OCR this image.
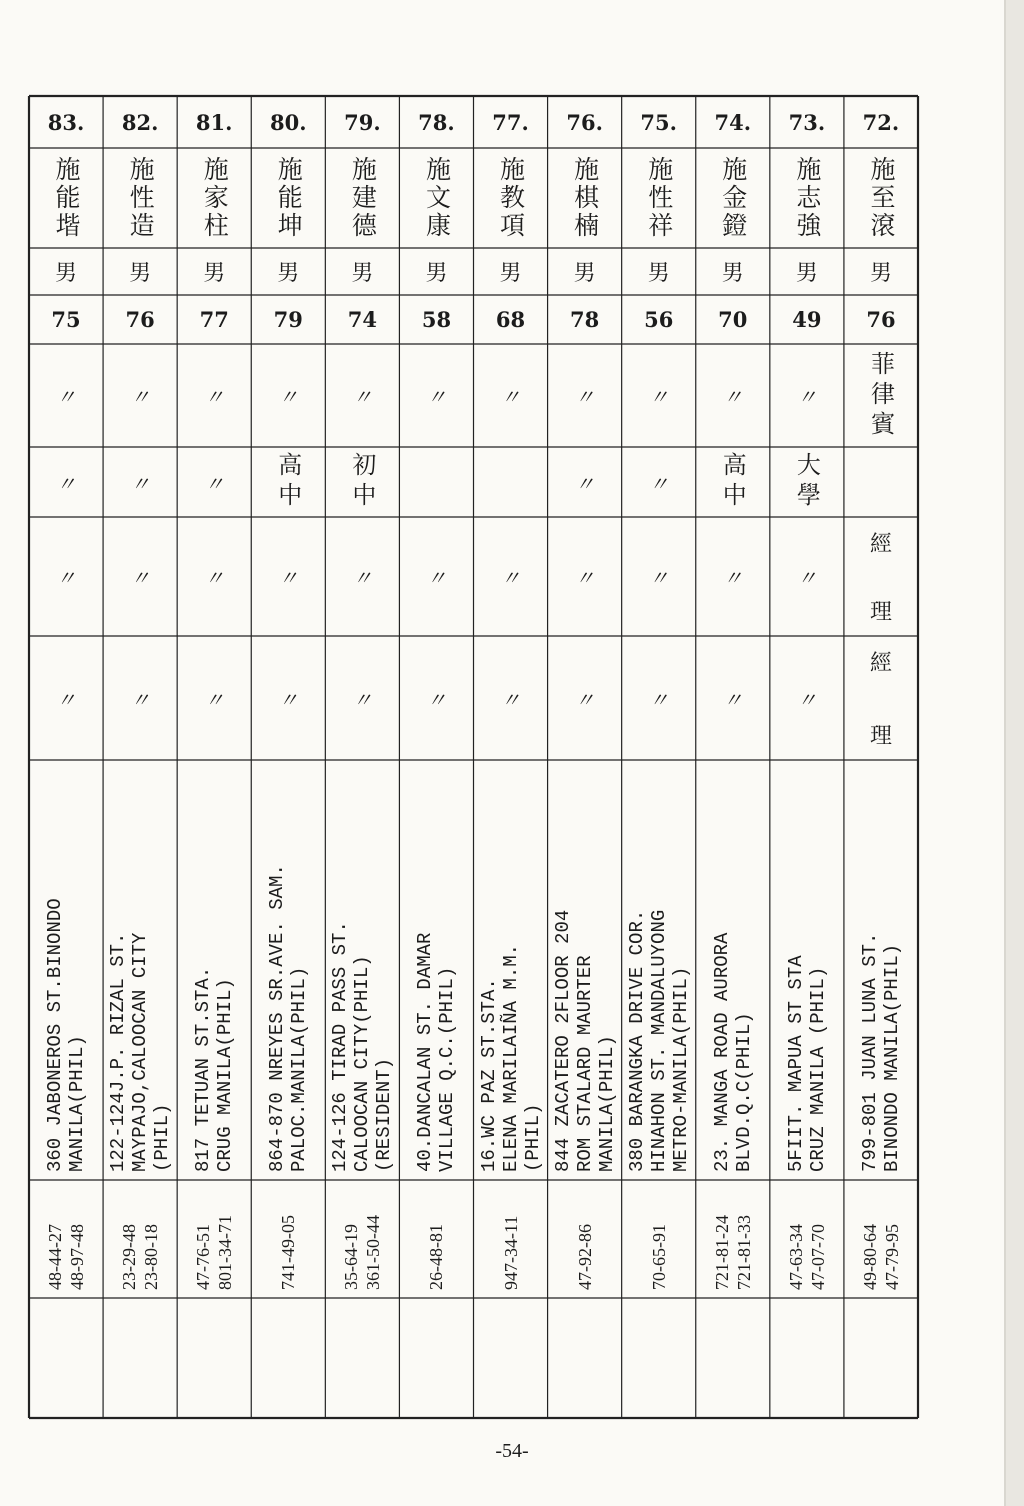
72.
施至滾
男
76
菲律賓
經
理
經
理
799-801 JUAN LUNA ST.
BINONDO MANILA(PHIL)
49-80-64
47-79-95
73.
施志強
男
49
〃
大學
〃
〃
5FIIT. MAPUA ST STA
CRUZ MANILA (PHIL)
47-63-34
47-07-70
74.
施金鐙
男
70
〃
高中
〃
〃
23. MANGA ROAD AURORA
BLVD.Q.C(PHIL)
721-81-24
721-81-33
75.
施性祥
男
56
〃
〃
〃
〃
380 BARANGKA DRIVE COR.
HINAHON ST. MANDALUYONG
METRO-MANILA(PHIL)
70-65-91
76.
施棋楠
男
78
〃
〃
〃
〃
844 ZACATERO 2FLOOR 204
ROM STALARD MAURTER
MANILA(PHIL)
47-92-86
77.
施教項
男
68
〃
〃
〃
16.WC PAZ ST.STA.
ELENA MARILAIÑA M.M.
(PHIL)
947-34-11
78.
施文康
男
58
〃
〃
〃
40.DANCALAN ST. DAMAR
VILLAGE Q.C.(PHIL)
26-48-81
79.
施建德
男
74
〃
初中
〃
〃
124-126 TIRAD PASS ST.
CALOOCAN CITY(PHIL)
(RESIDENT)
35-64-19
361-50-44
80.
施能坤
男
79
〃
高中
〃
〃
864-870 NREYES SR.AVE. SAM.
PALOC.MANILA(PHIL)
741-49-05
81.
施家柱
男
77
〃
〃
〃
〃
817 TETUAN ST.STA.
CRUG MANILA(PHIL)
47-76-51
801-34-71
82.
施性造
男
76
〃
〃
〃
〃
122-124J.P. RIZAL ST.
MAYPAJO,CALOOCAN CITY
(PHIL)
23-29-48
23-80-18
83.
施能堦
男
75
〃
〃
〃
〃
360 JABONEROS ST.BINONDO
MANILA(PHIL)
48-44-27
48-97-48
-54-
